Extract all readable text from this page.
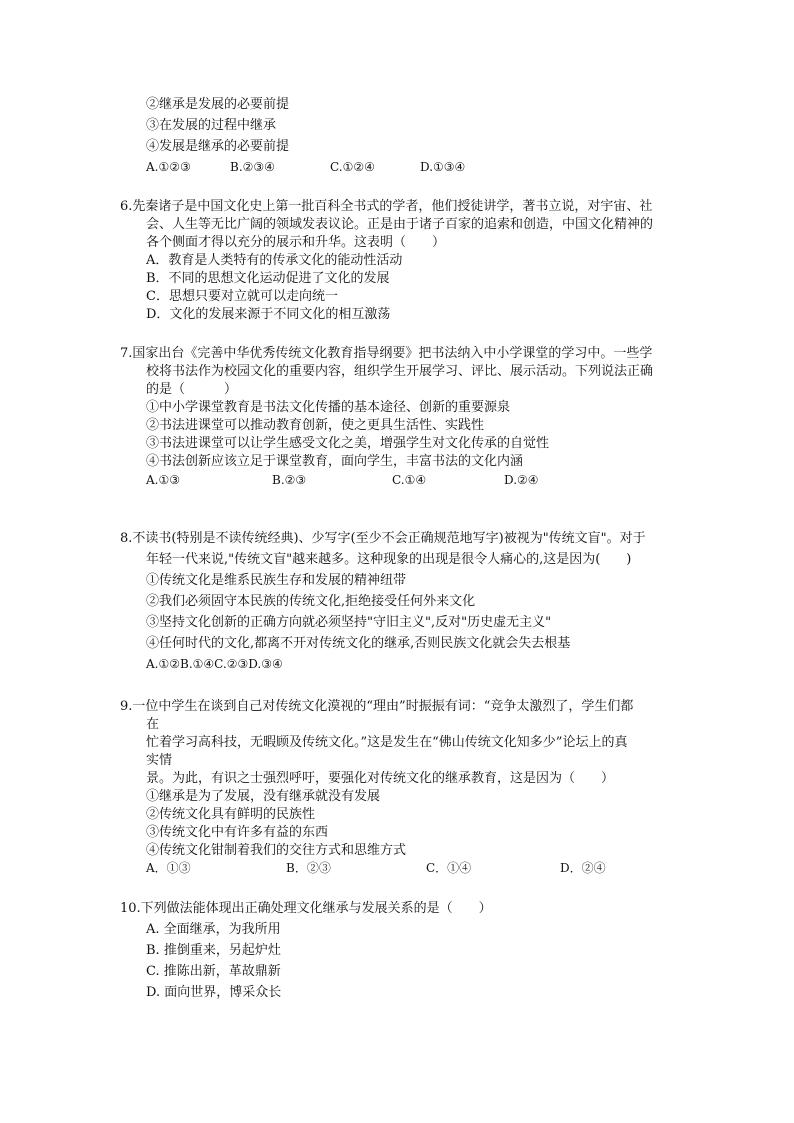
②继承是发展的必要前提
③在发展的过程中继承
④发展是继承的必要前提
A.①②③	B.②③④	C.①②④	D.①③④
6.先秦诸子是中国文化史上第一批百科全书式的学者，他们授徒讲学，著书立说，对宇宙、社
会、人生等无比广阔的领域发表议论。正是由于诸子百家的追索和创造，中国文化精神的
各个侧面才得以充分的展示和升华。这表明（　　）
A．教育是人类特有的传承文化的能动性活动
B．不同的思想文化运动促进了文化的发展
C．思想只要对立就可以走向统一
D．文化的发展来源于不同文化的相互激荡
7.国家出台《完善中华优秀传统文化教育指导纲要》把书法纳入中小学课堂的学习中。一些学
校将书法作为校园文化的重要内容，组织学生开展学习、评比、展示活动。下列说法正确
的是（　　　）
①中小学课堂教育是书法文化传播的基本途径、创新的重要源泉
②书法进课堂可以推动教育创新，使之更具生活性、实践性
③书法进课堂可以让学生感受文化之美，增强学生对文化传承的自觉性
④书法创新应该立足于课堂教育，面向学生，丰富书法的文化内涵
A.①③	B.②③	C.①④	D.②④
8.不读书(特别是不读传统经典)、少写字(至少不会正确规范地写字)被视为"传统文盲"。对于
年轻一代来说,"传统文盲"越来越多。这种现象的出现是很令人痛心的,这是因为(　　)
①传统文化是维系民族生存和发展的精神纽带
②我们必须固守本民族的传统文化,拒绝接受任何外来文化
③坚持文化创新的正确方向就必须坚持"守旧主义",反对"历史虚无主义"
④任何时代的文化,都离不开对传统文化的继承,否则民族文化就会失去根基
A.①②B.①④C.②③D.③④
9.一位中学生在谈到自己对传统文化漠视的“理由”时振振有词：“竞争太激烈了，学生们都
在
忙着学习高科技，无暇顾及传统文化。”这是发生在“佛山传统文化知多少”论坛上的真
实情
景。为此，有识之士强烈呼吁，要强化对传统文化的继承教育，这是因为（　　）
①继承是为了发展，没有继承就没有发展
②传统文化具有鲜明的民族性
③传统文化中有许多有益的东西
④传统文化钳制着我们的交往方式和思维方式
A．①③	B．②③	C．①④	D．②④
10.下列做法能体现出正确处理文化继承与发展关系的是（　　）
A. 全面继承，为我所用
B. 推倒重来，另起炉灶
C. 推陈出新，革故鼎新
D. 面向世界，博采众长
